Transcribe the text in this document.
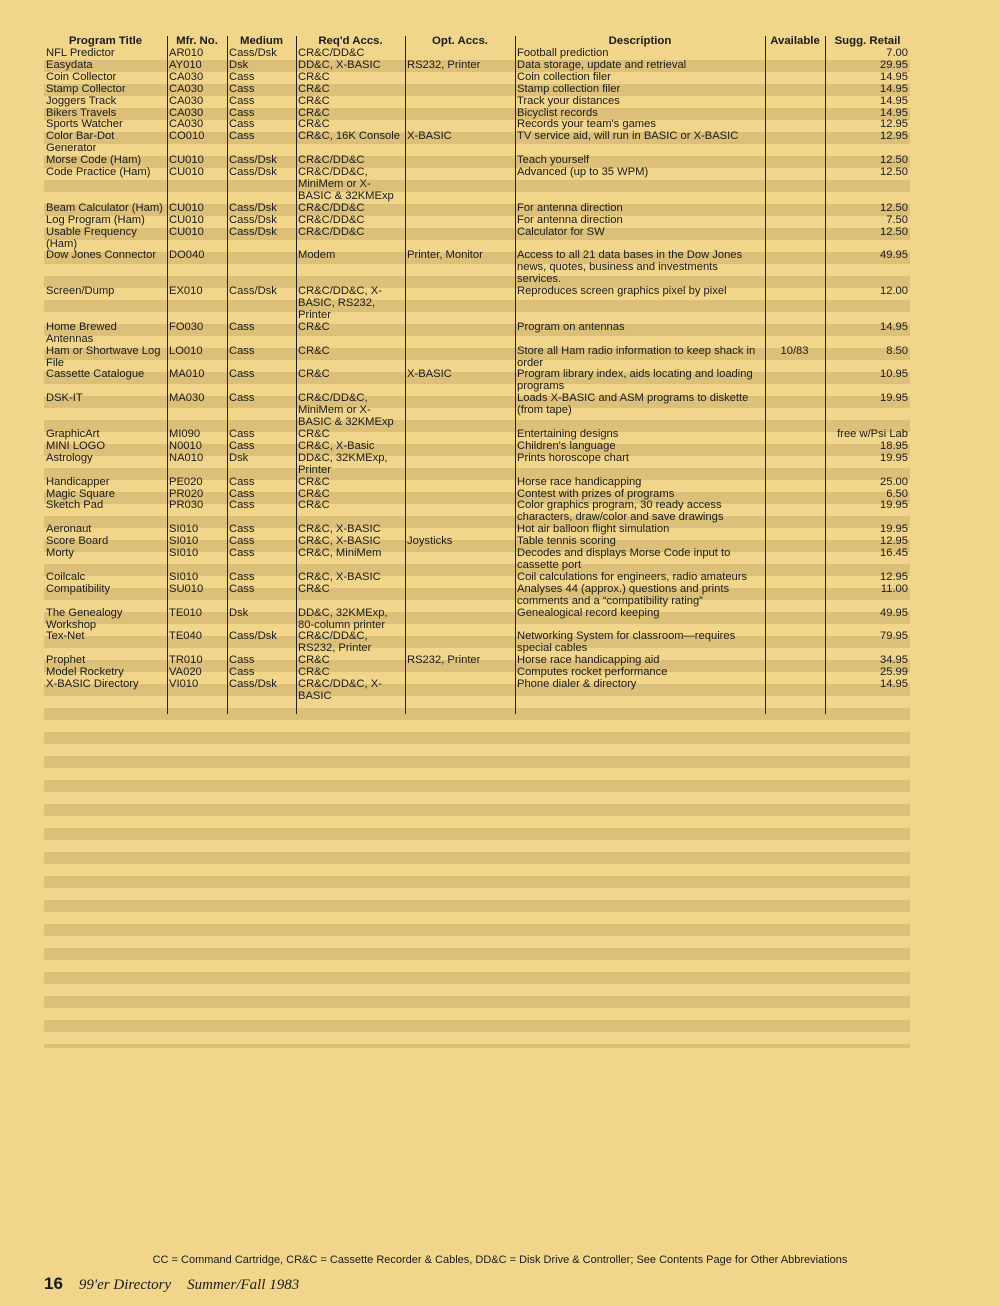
Program Title	Mfr. No.	Medium	Req'd Accs.	Opt. Accs.	Description	Available	Sugg. Retail
NFL Predictor	AR010	Cass/Dsk	CR&C/DD&C		Football prediction		7.00
Easydata	AY010	Dsk	DD&C, X-BASIC	RS232, Printer	Data storage, update and retrieval		29.95
Coin Collector	CA030	Cass	CR&C		Coin collection filer		14.95
Stamp Collector	CA030	Cass	CR&C		Stamp collection filer		14.95
Joggers Track	CA030	Cass	CR&C		Track your distances		14.95
Bikers Travels	CA030	Cass	CR&C		Bicyclist records		14.95
Sports Watcher	CA030	Cass	CR&C		Records your team's games		12.95
Color Bar-Dot Generator	CO010	Cass	CR&C, 16K Console	X-BASIC	TV service aid, will run in BASIC or X-BASIC		12.95
Morse Code (Ham)	CU010	Cass/Dsk	CR&C/DD&C		Teach yourself		12.50
Code Practice (Ham)	CU010	Cass/Dsk	CR&C/DD&C, MiniMem or X-BASIC & 32KMExp		Advanced (up to 35 WPM)		12.50
Beam Calculator (Ham)	CU010	Cass/Dsk	CR&C/DD&C		For antenna direction		12.50
Log Program (Ham)	CU010	Cass/Dsk	CR&C/DD&C		For antenna direction		7.50
Usable Frequency (Ham)	CU010	Cass/Dsk	CR&C/DD&C		Calculator for SW		12.50
Dow Jones Connector	DO040		Modem	Printer, Monitor	Access to all 21 data bases in the Dow Jones news, quotes, business and investments services.		49.95
Screen/Dump	EX010	Cass/Dsk	CR&C/DD&C, X-BASIC, RS232, Printer		Reproduces screen graphics pixel by pixel		12.00
Home Brewed Antennas	FO030	Cass	CR&C		Program on antennas		14.95
Ham or Shortwave Log File	LO010	Cass	CR&C		Store all Ham radio information to keep shack in order	10/83	8.50
Cassette Catalogue	MA010	Cass	CR&C	X-BASIC	Program library index, aids locating and loading programs		10.95
DSK-IT	MA030	Cass	CR&C/DD&C, MiniMem or X-BASIC & 32KMExp		Loads X-BASIC and ASM programs to diskette (from tape)		19.95
GraphicArt	MI090	Cass	CR&C		Entertaining designs		free w/Psi Lab
MINI LOGO	N0010	Cass	CR&C, X-Basic		Children's language		18.95
Astrology	NA010	Dsk	DD&C, 32KMExp, Printer		Prints horoscope chart		19.95
Handicapper	PE020	Cass	CR&C		Horse race handicapping		25.00
Magic Square	PR020	Cass	CR&C		Contest with prizes of programs		6.50
Sketch Pad	PR030	Cass	CR&C		Color graphics program, 30 ready access characters, draw/color and save drawings		19.95
Aeronaut	SI010	Cass	CR&C, X-BASIC		Hot air balloon flight simulation		19.95
Score Board	SI010	Cass	CR&C, X-BASIC	Joysticks	Table tennis scoring		12.95
Morty	SI010	Cass	CR&C, MiniMem		Decodes and displays Morse Code input to cassette port		16.45
Coilcalc	SI010	Cass	CR&C, X-BASIC		Coil calculations for engineers, radio amateurs		12.95
Compatibility	SU010	Cass	CR&C		Analyses 44 (approx.) questions and prints comments and a “compatibility rating”		11.00
The Genealogy Workshop	TE010	Dsk	DD&C, 32KMExp, 80-column printer		Genealogical record keeping		49.95
Tex-Net	TE040	Cass/Dsk	CR&C/DD&C, RS232, Printer		Networking System for classroom—requires special cables		79.95
Prophet	TR010	Cass	CR&C	RS232, Printer	Horse race handicapping aid		34.95
Model Rocketry	VA020	Cass	CR&C		Computes rocket performance		25.99
X-BASIC Directory	VI010	Cass/Dsk	CR&C/DD&C, X-BASIC		Phone dialer & directory		14.95
CC = Command Cartridge, CR&C = Cassette Recorder & Cables, DD&C = Disk Drive & Controller; See Contents Page for Other Abbreviations
16 99'er Directory Summer/Fall 1983
